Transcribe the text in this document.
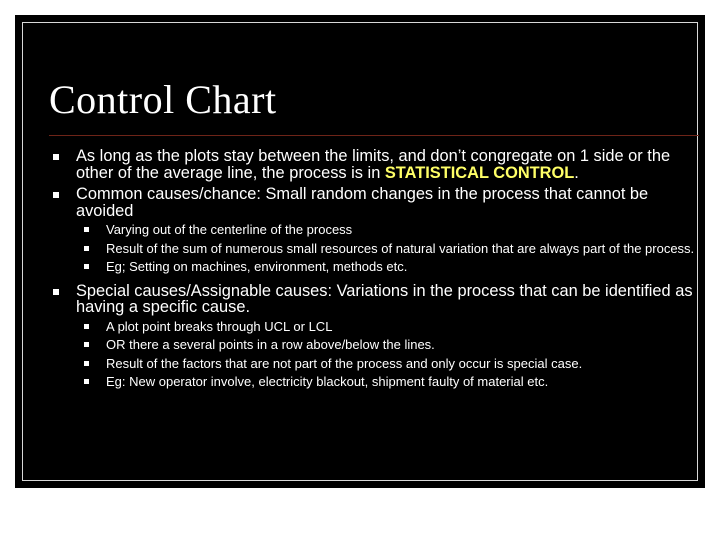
Control Chart
As long as the plots stay between the limits, and don’t congregate on 1 side or the other of the average line, the process is in STATISTICAL CONTROL.
Common causes/chance: Small random changes in the process that cannot be avoided
Varying out of the centerline of the process
Result of the sum of numerous small resources of natural variation that are always part of the process.
Eg; Setting on machines, environment, methods etc.
Special causes/Assignable causes: Variations in the process that can be identified as having a specific cause.
A plot point breaks through UCL or LCL
OR there a several points in a row above/below the lines.
Result of the factors that are not part of the process and only occur is special case.
Eg: New operator involve, electricity blackout, shipment faulty of material etc.
